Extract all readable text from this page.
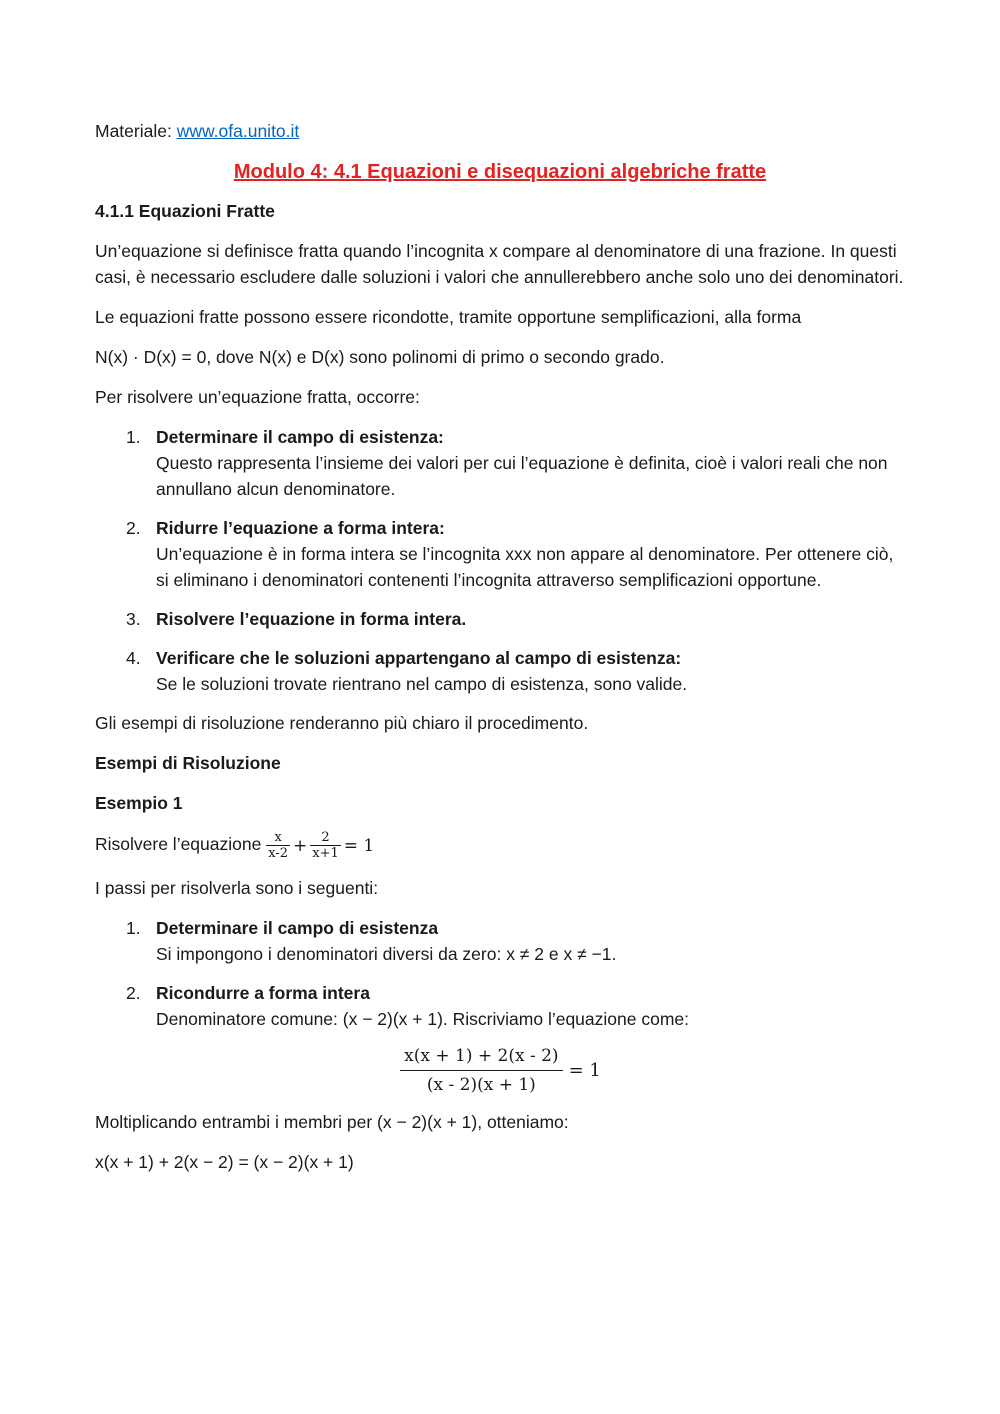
Materiale: www.ofa.unito.it

Modulo 4: 4.1 Equazioni e disequazioni algebriche fratte
4.1.1 Equazioni Fratte

Un’equazione si definisce fratta quando l’incognita x compare al denominatore di una frazione. In questi casi, è necessario escludere dalle soluzioni i valori che annullerebbero anche solo uno dei denominatori.

Le equazioni fratte possono essere ricondotte, tramite opportune semplificazioni, alla forma

N(x) · D(x) = 0, dove N(x) e D(x) sono polinomi di primo o secondo grado.

Per risolvere un’equazione fratta, occorre:

1. Determinare il campo di esistenza:
Questo rappresenta l’insieme dei valori per cui l’equazione è definita, cioè i valori reali che non annullano alcun denominatore.
2. Ridurre l’equazione a forma intera:
Un’equazione è in forma intera se l’incognita xxx non appare al denominatore. Per ottenere ciò, si eliminano i denominatori contenenti l’incognita attraverso semplificazioni opportune.
3. Risolvere l’equazione in forma intera.
4. Verificare che le soluzioni appartengano al campo di esistenza:
Se le soluzioni trovate rientrano nel campo di esistenza, sono valide.

Gli esempi di risoluzione renderanno più chiaro il procedimento.

Esempi di Risoluzione
Esempio 1

Risolvere l’equazione $\frac{x}{x-2} + \frac{2}{x+1} = 1$

I passi per risolverla sono i seguenti:

1. Determinare il campo di esistenza
Si impongono i denominatori diversi da zero: x ≠ 2 e x ≠ −1.
2. Ricondurre a forma intera
Denominatore comune: (x − 2)(x + 1). Riscriviamo l’equazione come:
$\frac{x(x + 1) + 2(x - 2)}{(x - 2)(x + 1)} = 1$

Moltiplicando entrambi i membri per (x − 2)(x + 1), otteniamo:

x(x + 1) + 2(x − 2) = (x − 2)(x + 1)
